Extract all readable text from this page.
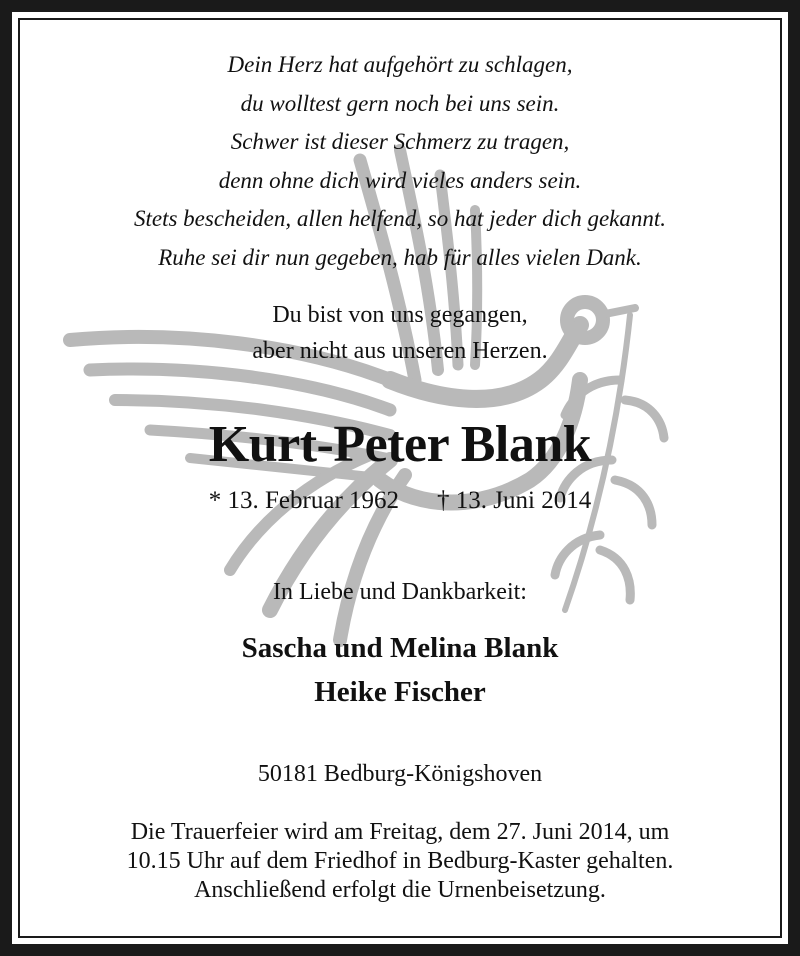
Dein Herz hat aufgehört zu schlagen,
du wolltest gern noch bei uns sein.
Schwer ist dieser Schmerz zu tragen,
denn ohne dich wird vieles anders sein.
Stets bescheiden, allen helfend, so hat jeder dich gekannt.
Ruhe sei dir nun gegeben, hab für alles vielen Dank.
Du bist von uns gegangen,
aber nicht aus unseren Herzen.
Kurt-Peter Blank
* 13. Februar 1962 † 13. Juni 2014
In Liebe und Dankbarkeit:
Sascha und Melina Blank
Heike Fischer
50181 Bedburg-Königshoven
Die Trauerfeier wird am Freitag, dem 27. Juni 2014, um
10.15 Uhr auf dem Friedhof in Bedburg-Kaster gehalten.
Anschließend erfolgt die Urnenbeisetzung.
